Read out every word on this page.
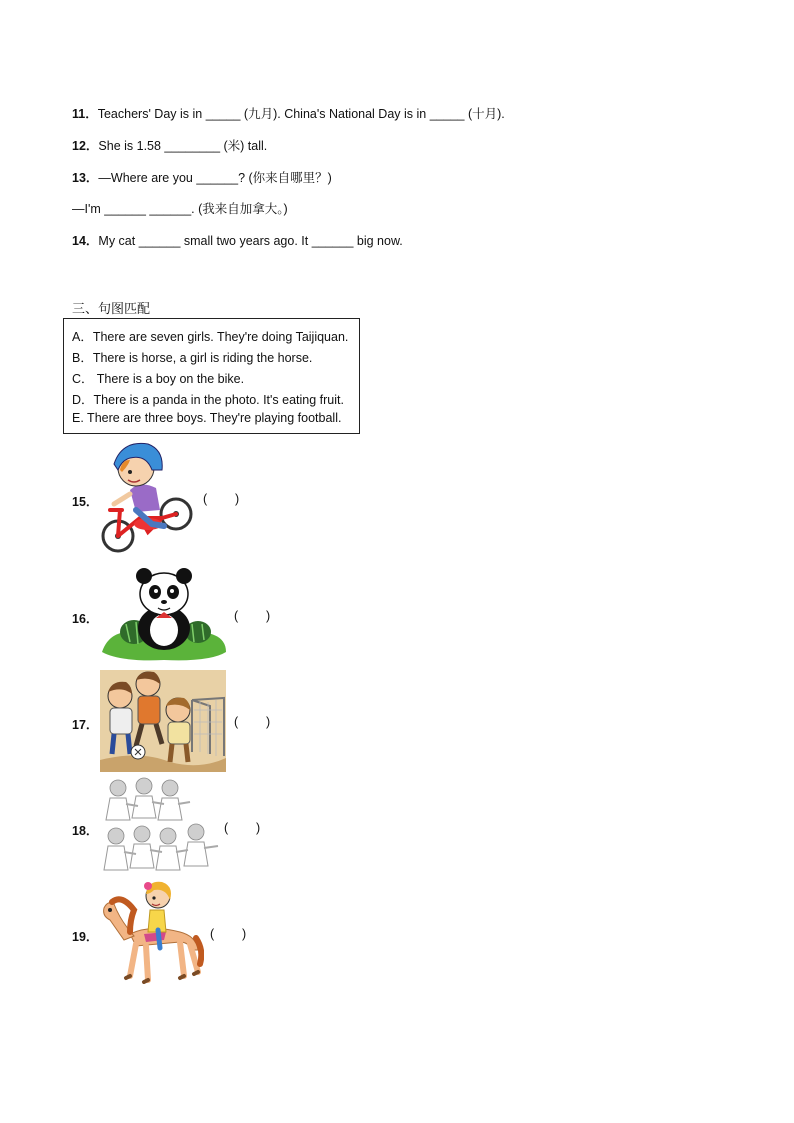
11．Teachers' Day is in _____ (九月). China's National Day is in _____ (十月).
12．She is 1.58 ________ (米) tall.
13．—Where are you ______? (你来自哪里？)
—I'm ______ ______. (我来自加拿大。)
14．My cat ______ small two years ago. It ______ big now.
三、句图匹配
A．There are seven girls. They're doing Taijiquan.
B．There is horse, a girl is riding the horse.
C． There is a boy on the bike.
D．There is a panda in the photo. It's eating fruit.
E. There are three boys. They're playing football.
15．	(        )
16．	(        )
17．	(        )
18．	(        )
19．	(        )
